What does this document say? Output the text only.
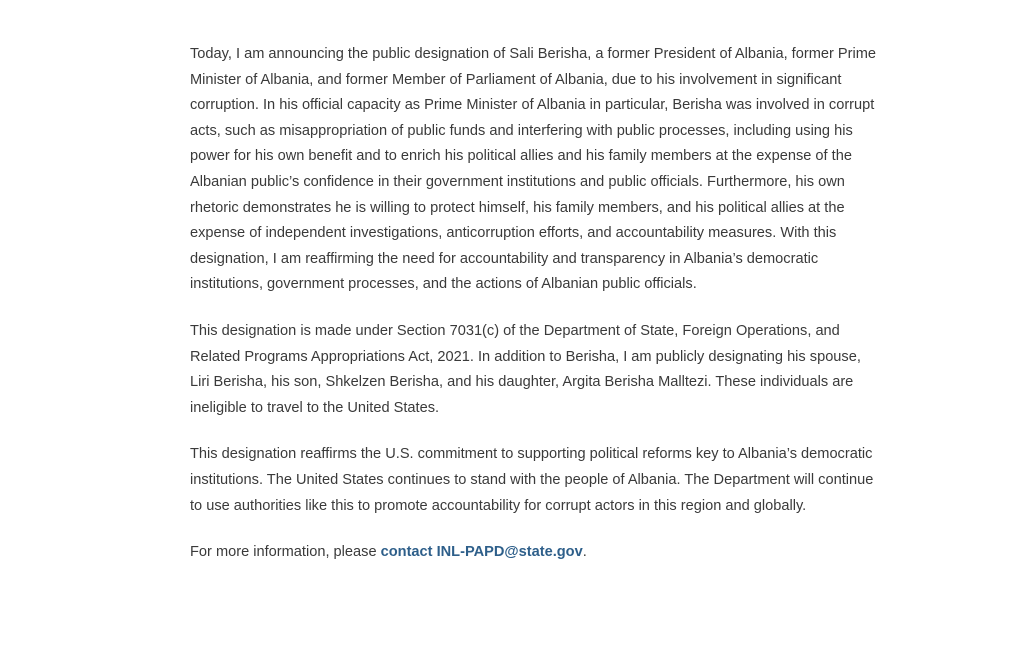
Today, I am announcing the public designation of Sali Berisha, a former President of Albania, former Prime Minister of Albania, and former Member of Parliament of Albania, due to his involvement in significant corruption. In his official capacity as Prime Minister of Albania in particular, Berisha was involved in corrupt acts, such as misappropriation of public funds and interfering with public processes, including using his power for his own benefit and to enrich his political allies and his family members at the expense of the Albanian public’s confidence in their government institutions and public officials. Furthermore, his own rhetoric demonstrates he is willing to protect himself, his family members, and his political allies at the expense of independent investigations, anticorruption efforts, and accountability measures. With this designation, I am reaffirming the need for accountability and transparency in Albania’s democratic institutions, government processes, and the actions of Albanian public officials.

This designation is made under Section 7031(c) of the Department of State, Foreign Operations, and Related Programs Appropriations Act, 2021. In addition to Berisha, I am publicly designating his spouse, Liri Berisha, his son, Shkelzen Berisha, and his daughter, Argita Berisha Malltezi. These individuals are ineligible to travel to the United States.

This designation reaffirms the U.S. commitment to supporting political reforms key to Albania’s democratic institutions. The United States continues to stand with the people of Albania. The Department will continue to use authorities like this to promote accountability for corrupt actors in this region and globally.

For more information, please contact INL-PAPD@state.gov.
